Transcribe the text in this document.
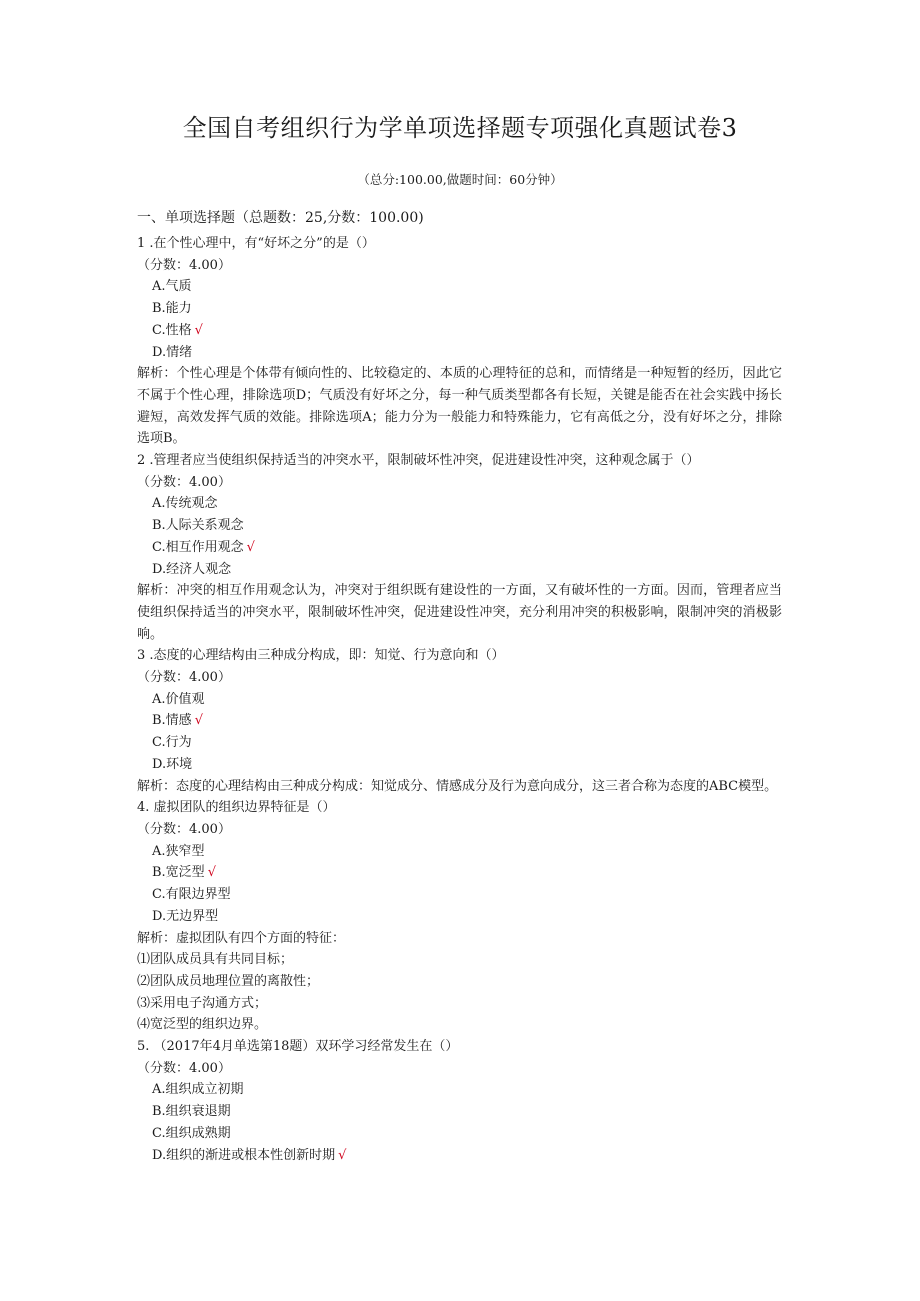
全国自考组织行为学单项选择题专项强化真题试卷3
（总分:100.00,做题时间：60分钟）
一、单项选择题（总题数：25,分数：100.00)

1 .在个性心理中，有“好坏之分”的是（）

（分数：4.00）

A.气质

B.能力

C.性格 √

D.情绪

解析：个性心理是个体带有倾向性的、比较稳定的、本质的心理特征的总和，而情绪是一种短暂的经历，因此它不属于个性心理，排除选项D；气质没有好坏之分，每一种气质类型都各有长短，关键是能否在社会实践中扬长避短，高效发挥气质的效能。排除选项A；能力分为一般能力和特殊能力，它有高低之分，没有好坏之分，排除选项B。

2 .管理者应当使组织保持适当的冲突水平，限制破坏性冲突，促进建设性冲突，这种观念属于（）

（分数：4.00）

A.传统观念

B.人际关系观念

C.相互作用观念 √

D.经济人观念

解析：冲突的相互作用观念认为，冲突对于组织既有建设性的一方面，又有破坏性的一方面。因而，管理者应当使组织保持适当的冲突水平，限制破坏性冲突，促进建设性冲突，充分利用冲突的积极影响，限制冲突的消极影响。

3 .态度的心理结构由三种成分构成，即：知觉、行为意向和（）

（分数：4.00）

A.价值观

B.情感 √

C.行为

D.环境

解析：态度的心理结构由三种成分构成：知觉成分、情感成分及行为意向成分，这三者合称为态度的ABC模型。

4. 虚拟团队的组织边界特征是（）

（分数：4.00）

A.狭窄型

B.宽泛型 √

C.有限边界型

D.无边界型

解析：虚拟团队有四个方面的特征：

⑴团队成员具有共同目标；

⑵团队成员地理位置的离散性；

⑶采用电子沟通方式；

⑷宽泛型的组织边界。

5. （2017年4月单选第18题）双环学习经常发生在（）

（分数：4.00）

A.组织成立初期

B.组织衰退期

C.组织成熟期

D.组织的渐进或根本性创新时期 √
